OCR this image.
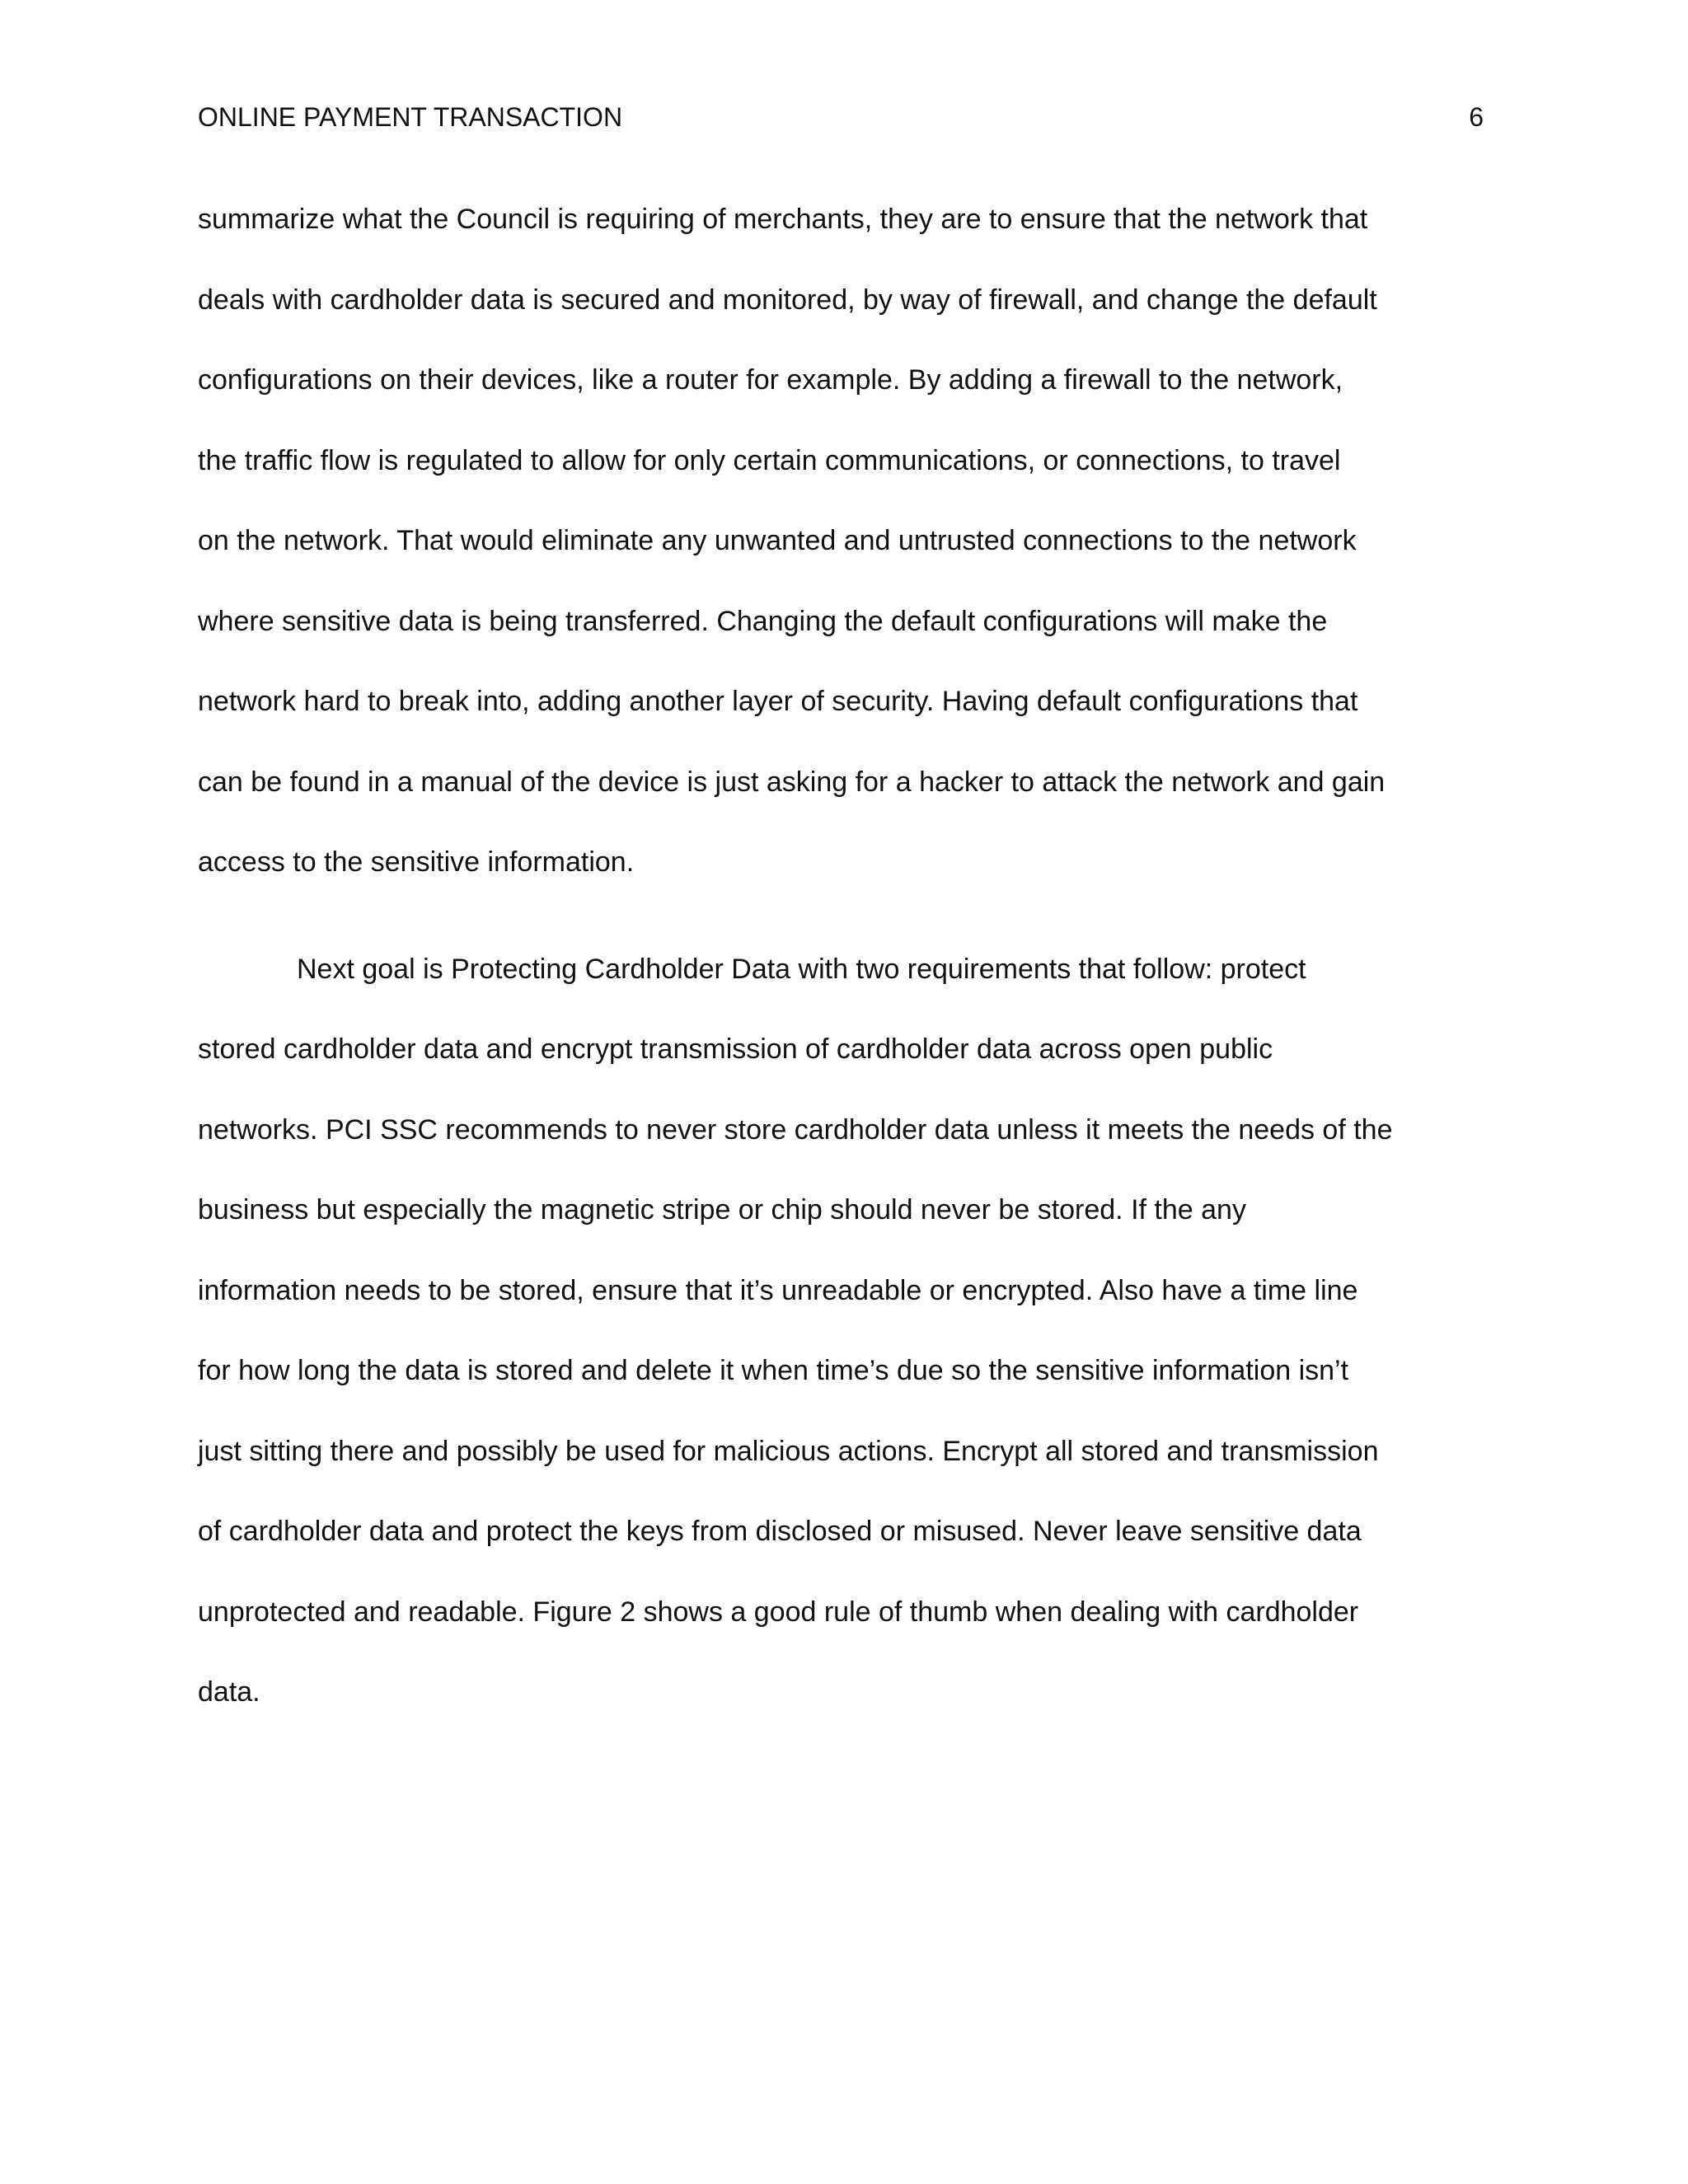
ONLINE PAYMENT TRANSACTION	6
summarize what the Council is requiring of merchants, they are to ensure that the network that
deals with cardholder data is secured and monitored, by way of firewall, and change the default
configurations on their devices, like a router for example. By adding a firewall to the network,
the traffic flow is regulated to allow for only certain communications, or connections, to travel
on the network. That would eliminate any unwanted and untrusted connections to the network
where sensitive data is being transferred. Changing the default configurations will make the
network hard to break into, adding another layer of security. Having default configurations that
can be found in a manual of the device is just asking for a hacker to attack the network and gain
access to the sensitive information.
Next goal is Protecting Cardholder Data with two requirements that follow: protect
stored cardholder data and encrypt transmission of cardholder data across open public
networks. PCI SSC recommends to never store cardholder data unless it meets the needs of the
business but especially the magnetic stripe or chip should never be stored. If the any
information needs to be stored, ensure that it’s unreadable or encrypted. Also have a time line
for how long the data is stored and delete it when time’s due so the sensitive information isn’t
just sitting there and possibly be used for malicious actions. Encrypt all stored and transmission
of cardholder data and protect the keys from disclosed or misused. Never leave sensitive data
unprotected and readable. Figure 2 shows a good rule of thumb when dealing with cardholder
data.
